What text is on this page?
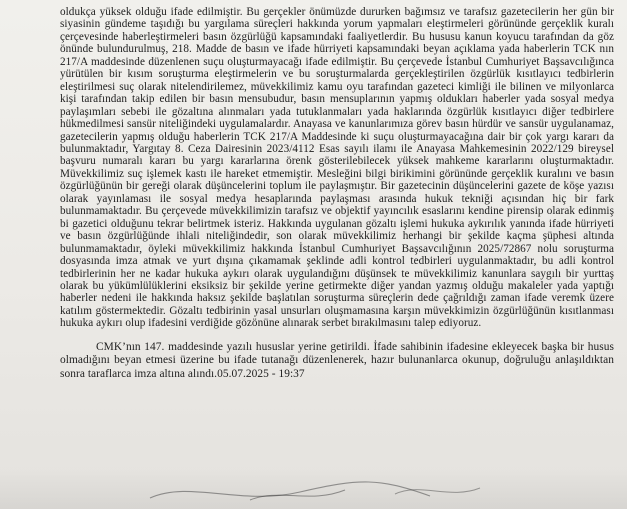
oldukça yüksek olduğu ifade edilmiştir. Bu gerçekler önümüzde dururken bağımsız ve tarafsız gazetecilerin her gün bir siyasinin gündeme taşıdığı bu yargılama süreçleri hakkında yorum yapmaları eleştirmeleri görününde gerçeklik kuralı çerçevesinde haberleştirmeleri basın özgürlüğü kapsamındaki faaliyetlerdir. Bu hususu kanun koyucu tarafından da göz önünde bulundurulmuş, 218. Madde de basın ve ifade hürriyeti kapsamındaki beyan açıklama yada haberlerin TCK nın 217/A maddesinde düzenlenen suçu oluşturmayacağı ifade edilmiştir. Bu çerçevede İstanbul Cumhuriyet Başsavcılığınca yürütülen bir kısım soruşturma eleştirmelerin ve bu soruşturmalarda gerçekleştirilen özgürlük kısıtlayıcı tedbirlerin eleştirilmesi suç olarak nitelendirilemez, müvekkilimiz kamu oyu tarafından gazeteci kimliği ile bilinen ve milyonlarca kişi tarafından takip edilen bir basın mensubudur, basın mensuplarının yapmış oldukları haberler yada sosyal medya paylaşımları sebebi ile gözaltına alınmaları yada tutuklanmaları yada haklarında özgürlük kısıtlayıcı diğer tedbirlere hükmedilmesi sansür niteliğindeki uygulamalardır. Anayasa ve kanunlarımıza görev basın hürdür ve sansür uygulanamaz, gazetecilerin yapmış olduğu haberlerin TCK 217/A Maddesinde ki suçu oluşturmayacağına dair bir çok yargı kararı da bulunmaktadır, Yargıtay 8. Ceza Dairesinin 2023/4112 Esas sayılı ilamı ile Anayasa Mahkemesinin 2022/129 bireysel başvuru numaralı kararı bu yargı kararlarına örenk gösterilebilecek yüksek mahkeme kararlarını oluşturmaktadır. Müvekkilimiz suç işlemek kastı ile hareket etmemiştir. Mesleğini bilgi birikimini görününde gerçeklik kuralını ve basın özgürlüğünün bir gereği olarak düşüncelerini toplum ile paylaşmıştır. Bir gazetecinin düşüncelerini gazete de köşe yazısı olarak yayınlaması ile sosyal medya hesaplarında paylaşması arasında hukuk tekniği açısından hiç bir fark bulunmamaktadır. Bu çerçevede müvekkilimizin tarafsız ve objektif yayıncılık esaslarını kendine pirensip olarak edinmiş bi gazetici olduğunu tekrar belirtmek isteriz. Hakkında uygulanan gözaltı işlemi hukuka aykırılık yanında ifade hürriyeti ve basın özgürlüğünde ihlali niteliğindedir, son olarak müvekkilimiz herhangi bir şekilde kaçma şüphesi altında bulunmamaktadır, öyleki müvekkilimiz hakkında İstanbul Cumhuriyet Başsavcılığının 2025/72867 nolu soruşturma dosyasında imza atmak ve yurt dışına çıkamamak şeklinde adli kontrol tedbirleri uygulanmaktadır, bu adli kontrol tedbirlerinin her ne kadar hukuka aykırı olarak uygulandığını düşünsek te müvekkilimiz kanunlara saygılı bir yurttaş olarak bu yükümlülüklerini eksiksiz bir şekilde yerine getirmekte diğer yandan yazmış olduğu makaleler yada yaptığı haberler nedeni ile hakkında haksız şekilde başlatılan soruşturma süreçlerin dede çağrıldığı zaman ifade veremk üzere katılım göstermektedir. Gözaltı tedbirinin yasal unsurları oluşmamasına karşın müvekkimizin özgürlüğünün kısıtlanması hukuka aykırı olup ifadesini verdiğide gözönüne alınarak serbet bırakılmasını talep ediyoruz.

CMK’nın 147. maddesinde yazılı hususlar yerine getirildi. İfade sahibinin ifadesine ekleyecek başka bir husus olmadığını beyan etmesi üzerine bu ifade tutanağı düzenlenerek, hazır bulunanlarca okunup, doğruluğu anlaşıldıktan sonra taraflarca imza altına alındı.05.07.2025 - 19:37
